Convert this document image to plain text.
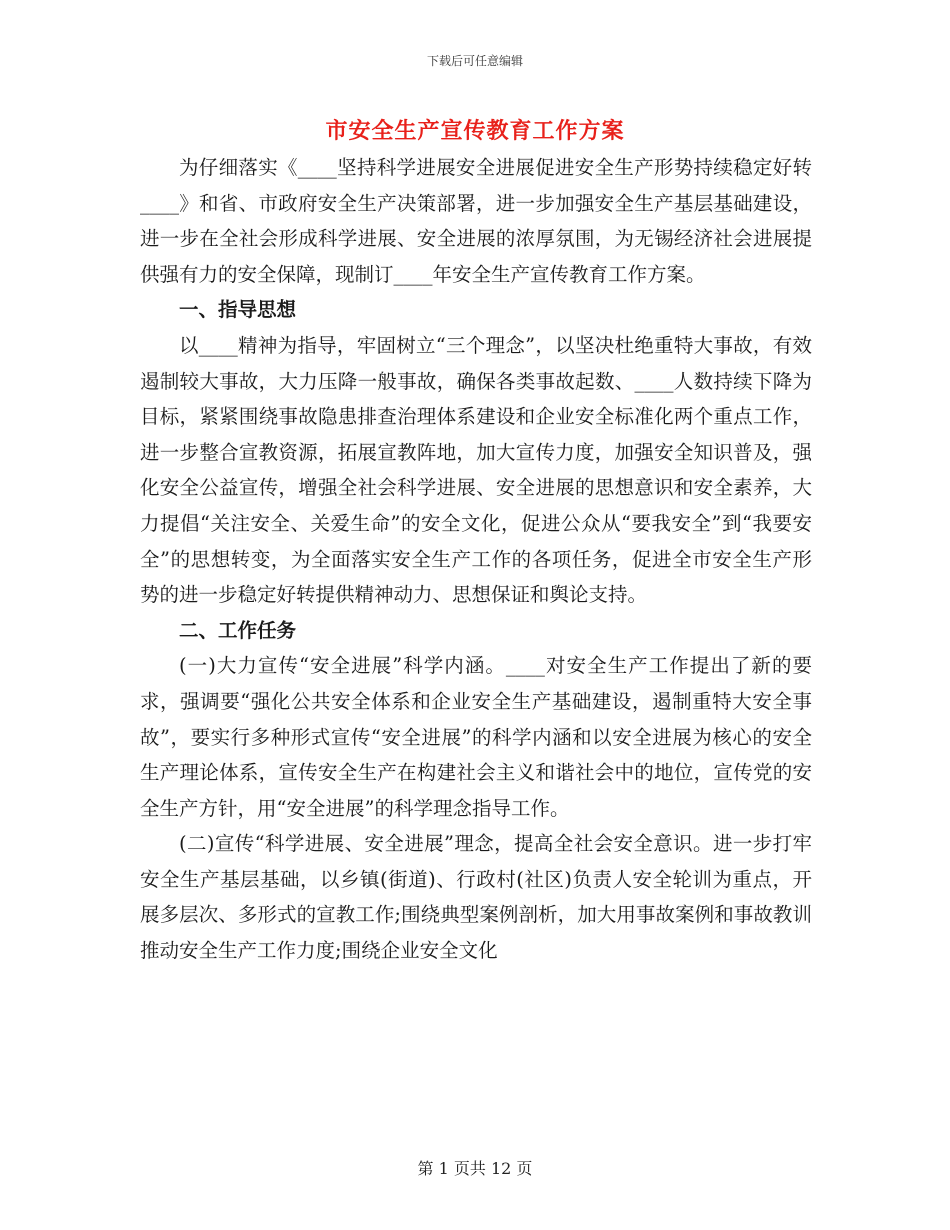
下载后可任意编辑
市安全生产宣传教育工作方案

为仔细落实《____坚持科学进展安全进展促进安全生产形势持续稳定好转____》和省、市政府安全生产决策部署，进一步加强安全生产基层基础建设，进一步在全社会形成科学进展、安全进展的浓厚氛围，为无锡经济社会进展提供强有力的安全保障，现制订____年安全生产宣传教育工作方案。

一、指导思想

以____精神为指导，牢固树立“三个理念”，以坚决杜绝重特大事故，有效遏制较大事故，大力压降一般事故，确保各类事故起数、____人数持续下降为目标，紧紧围绕事故隐患排查治理体系建设和企业安全标准化两个重点工作，进一步整合宣教资源，拓展宣教阵地，加大宣传力度，加强安全知识普及，强化安全公益宣传，增强全社会科学进展、安全进展的思想意识和安全素养，大力提倡“关注安全、关爱生命”的安全文化，促进公众从“要我安全”到“我要安全”的思想转变，为全面落实安全生产工作的各项任务，促进全市安全生产形势的进一步稳定好转提供精神动力、思想保证和舆论支持。

二、工作任务

(一)大力宣传“安全进展”科学内涵。____对安全生产工作提出了新的要求，强调要“强化公共安全体系和企业安全生产基础建设，遏制重特大安全事故”，要实行多种形式宣传“安全进展”的科学内涵和以安全进展为核心的安全生产理论体系，宣传安全生产在构建社会主义和谐社会中的地位，宣传党的安全生产方针，用“安全进展”的科学理念指导工作。

(二)宣传“科学进展、安全进展”理念，提高全社会安全意识。进一步打牢安全生产基层基础，以乡镇(街道)、行政村(社区)负责人安全轮训为重点，开展多层次、多形式的宣教工作;围绕典型案例剖析，加大用事故案例和事故教训推动安全生产工作力度;围绕企业安全文化

第 1 页共 12 页
